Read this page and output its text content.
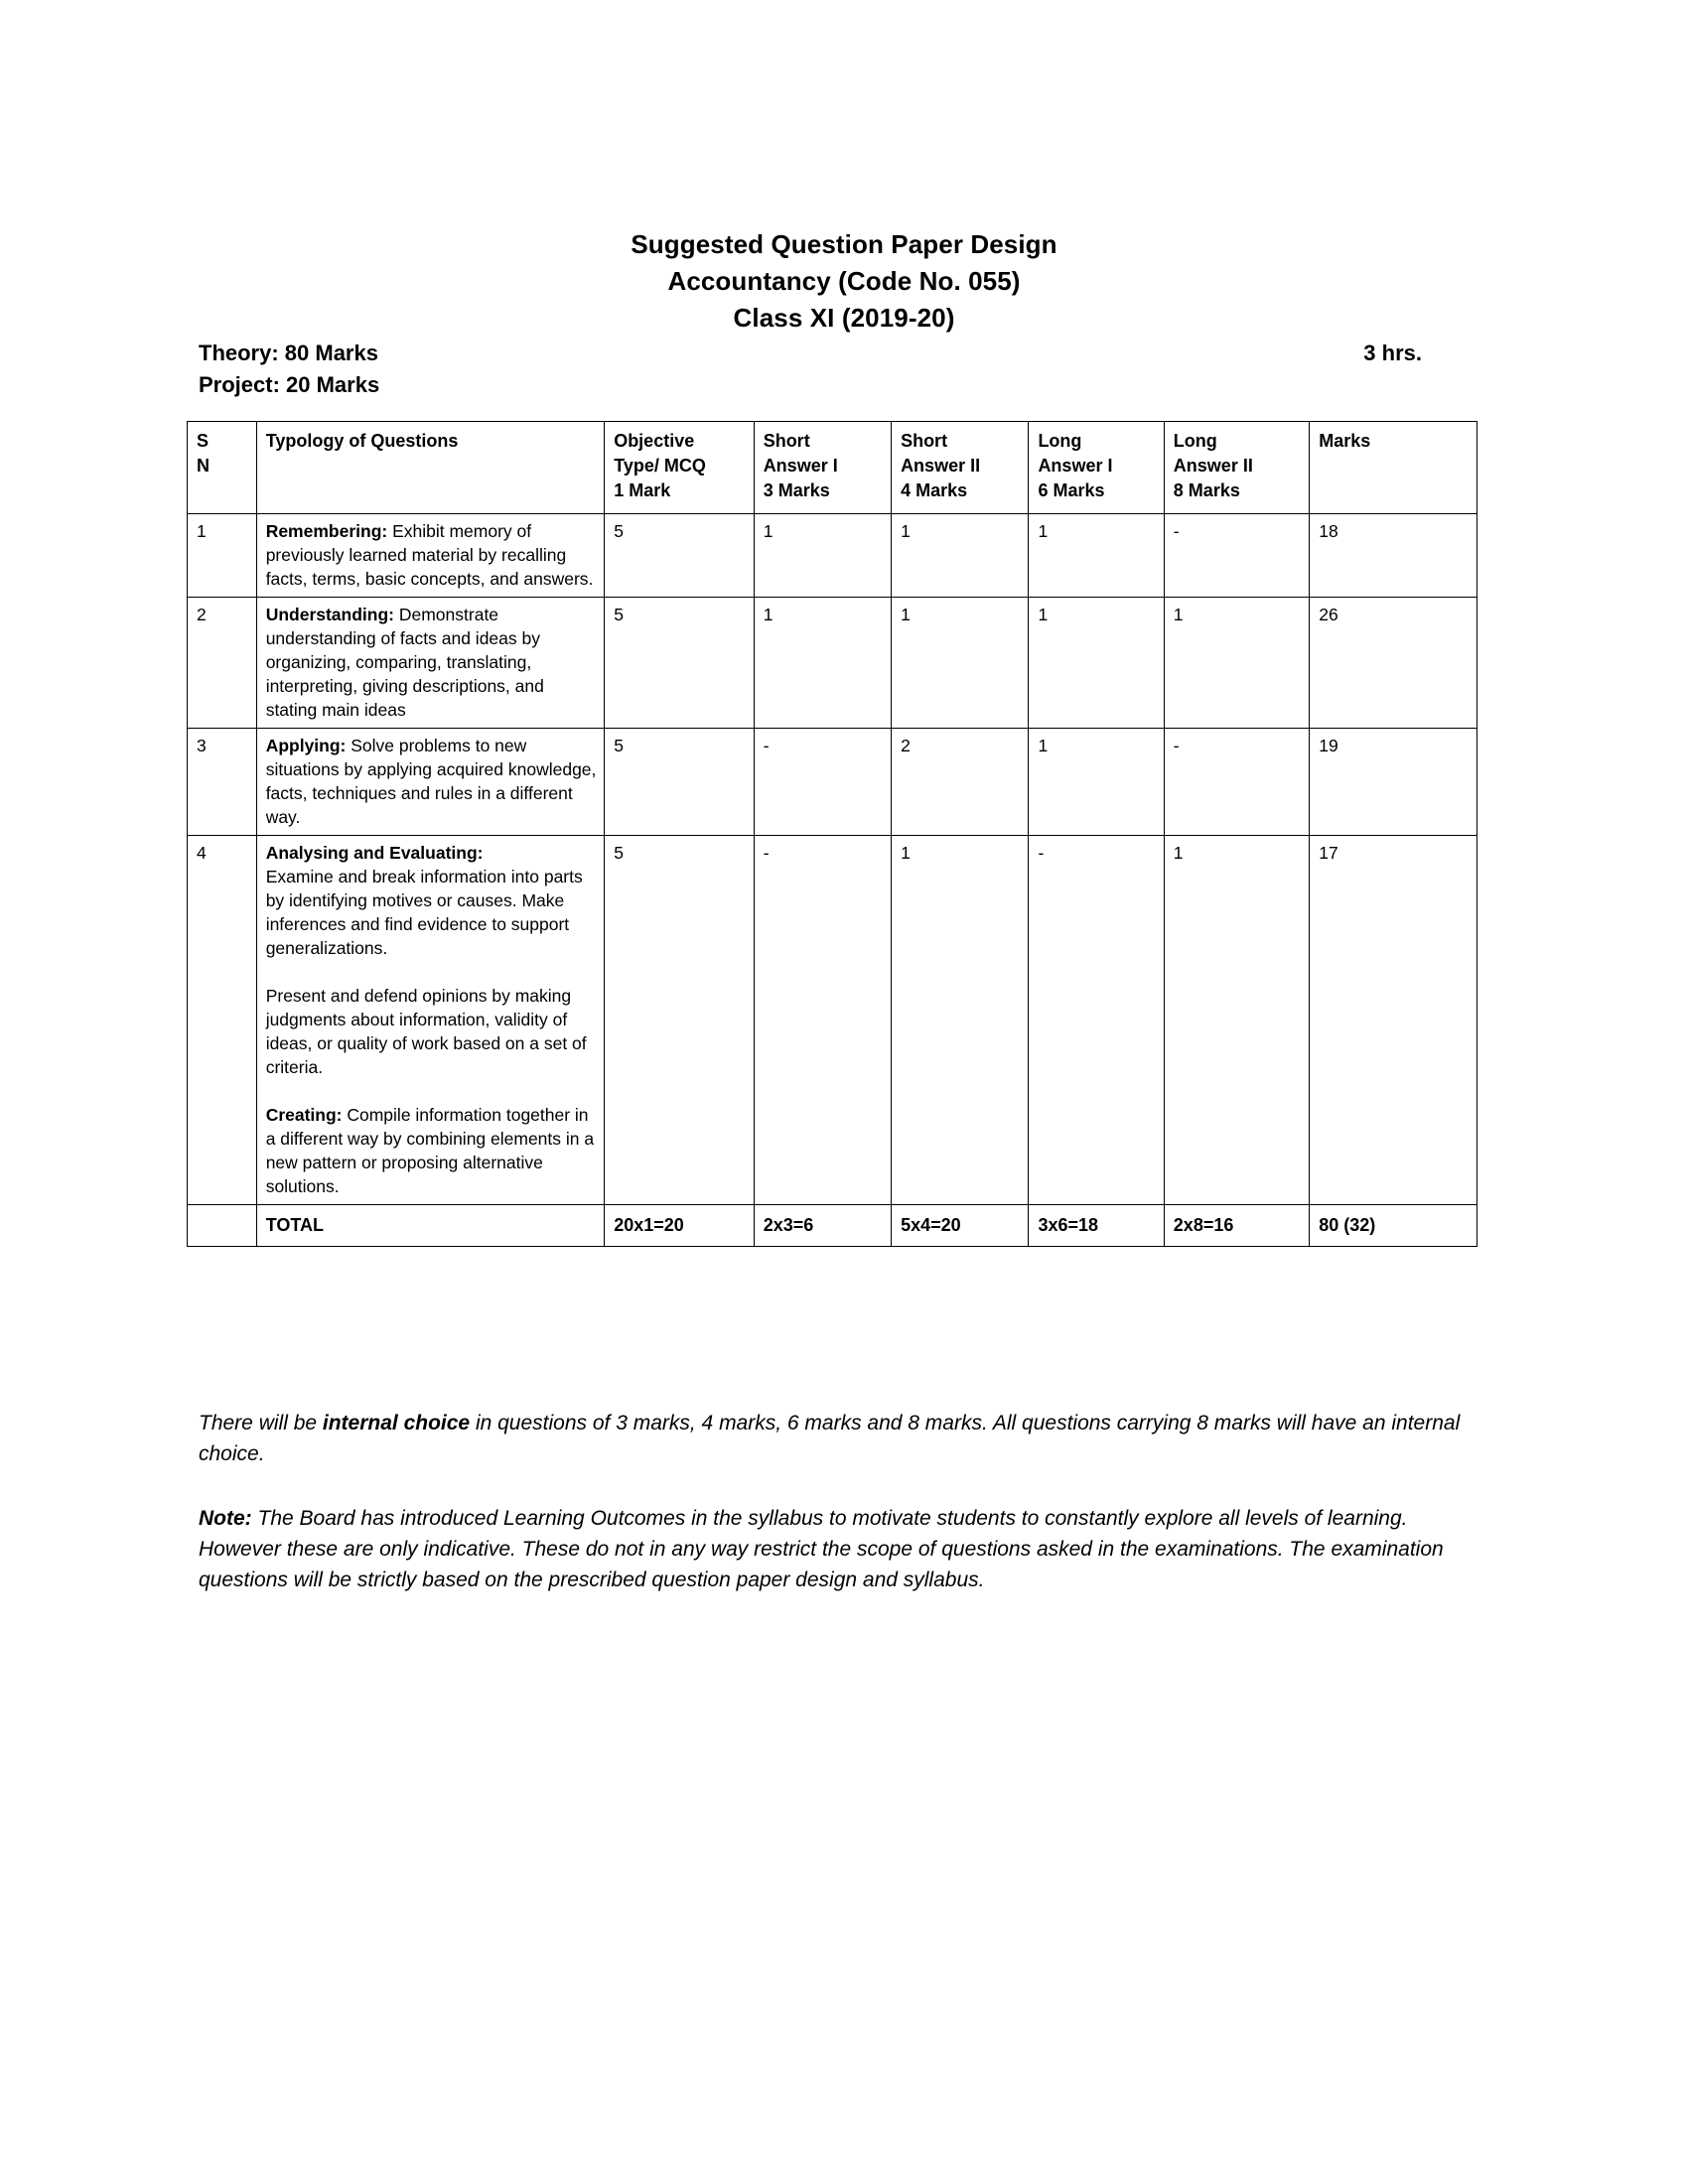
Suggested Question Paper Design
Accountancy (Code No. 055)
Class XI (2019-20)
Theory: 80 Marks
Project: 20 Marks
3 hrs.
S
N	Typology of Questions	Objective
Type/ MCQ
1 Mark	Short
Answer I
3 Marks	Short
Answer II
4 Marks	Long
Answer I
6 Marks	Long
Answer II
8 Marks	Marks
1	Remembering: Exhibit memory of previously learned material by recalling facts, terms, basic concepts, and answers.	5	1	1	1	-	18
2	Understanding: Demonstrate understanding of facts and ideas by organizing, comparing, translating, interpreting, giving descriptions, and stating main ideas	5	1	1	1	1	26
3	Applying: Solve problems to new situations by applying acquired knowledge, facts, techniques and rules in a different way.	5	-	2	1	-	19
4	Analysing and Evaluating:
Examine and break information into parts by identifying motives or causes. Make inferences and find evidence to support generalizations.

Present and defend opinions by making judgments about information, validity of ideas, or quality of work based on a set of criteria.

Creating: Compile information together in a different way by combining elements in a new pattern or proposing alternative solutions.	5	-	1	-	1	17
	TOTAL	20x1=20	2x3=6	5x4=20	3x6=18	2x8=16	80 (32)

There will be internal choice in questions of 3 marks, 4 marks, 6 marks and 8 marks. All questions carrying 8 marks will have an internal choice.

Note: The Board has introduced Learning Outcomes in the syllabus to motivate students to constantly explore all levels of learning. However these are only indicative. These do not in any way restrict the scope of questions asked in the examinations. The examination questions will be strictly based on the prescribed question paper design and syllabus.
